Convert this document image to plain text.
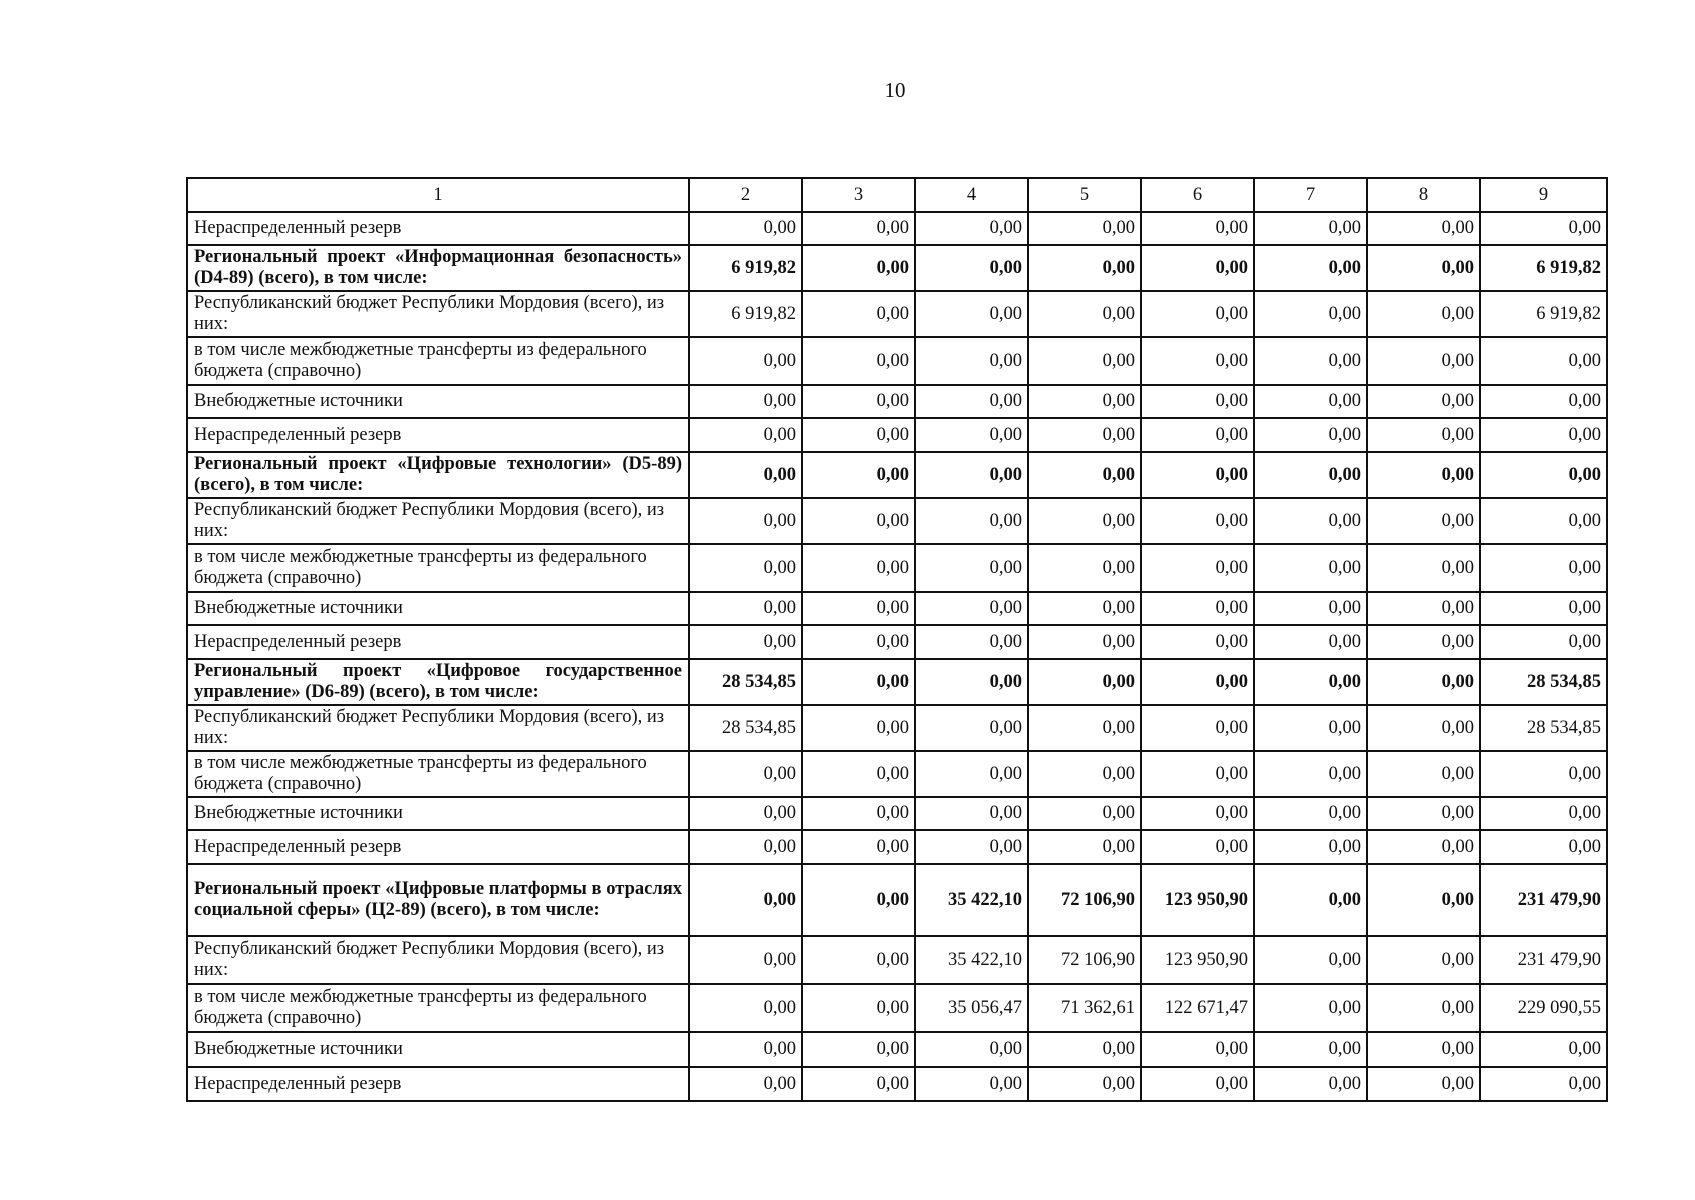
10
1	2	3	4	5	6	7	8	9
Нераспределенный резерв	0,00	0,00	0,00	0,00	0,00	0,00	0,00	0,00
Региональный проект «Информационная безопасность» (D4-89) (всего), в том числе:	6 919,82	0,00	0,00	0,00	0,00	0,00	0,00	6 919,82
Республиканский бюджет Республики Мордовия (всего), из них:	6 919,82	0,00	0,00	0,00	0,00	0,00	0,00	6 919,82
в том числе межбюджетные трансферты из федерального бюджета (справочно)	0,00	0,00	0,00	0,00	0,00	0,00	0,00	0,00
Внебюджетные источники	0,00	0,00	0,00	0,00	0,00	0,00	0,00	0,00
Нераспределенный резерв	0,00	0,00	0,00	0,00	0,00	0,00	0,00	0,00
Региональный проект «Цифровые технологии» (D5-89) (всего), в том числе:	0,00	0,00	0,00	0,00	0,00	0,00	0,00	0,00
Республиканский бюджет Республики Мордовия (всего), из них:	0,00	0,00	0,00	0,00	0,00	0,00	0,00	0,00
в том числе межбюджетные трансферты из федерального бюджета (справочно)	0,00	0,00	0,00	0,00	0,00	0,00	0,00	0,00
Внебюджетные источники	0,00	0,00	0,00	0,00	0,00	0,00	0,00	0,00
Нераспределенный резерв	0,00	0,00	0,00	0,00	0,00	0,00	0,00	0,00
Региональный проект «Цифровое государственное управление» (D6-89) (всего), в том числе:	28 534,85	0,00	0,00	0,00	0,00	0,00	0,00	28 534,85
Республиканский бюджет Республики Мордовия (всего), из них:	28 534,85	0,00	0,00	0,00	0,00	0,00	0,00	28 534,85
в том числе межбюджетные трансферты из федерального бюджета (справочно)	0,00	0,00	0,00	0,00	0,00	0,00	0,00	0,00
Внебюджетные источники	0,00	0,00	0,00	0,00	0,00	0,00	0,00	0,00
Нераспределенный резерв	0,00	0,00	0,00	0,00	0,00	0,00	0,00	0,00
Региональный проект «Цифровые платформы в отраслях социальной сферы» (Ц2-89) (всего), в том числе:	0,00	0,00	35 422,10	72 106,90	123 950,90	0,00	0,00	231 479,90
Республиканский бюджет Республики Мордовия (всего), из них:	0,00	0,00	35 422,10	72 106,90	123 950,90	0,00	0,00	231 479,90
в том числе межбюджетные трансферты из федерального бюджета (справочно)	0,00	0,00	35 056,47	71 362,61	122 671,47	0,00	0,00	229 090,55
Внебюджетные источники	0,00	0,00	0,00	0,00	0,00	0,00	0,00	0,00
Нераспределенный резерв	0,00	0,00	0,00	0,00	0,00	0,00	0,00	0,00
